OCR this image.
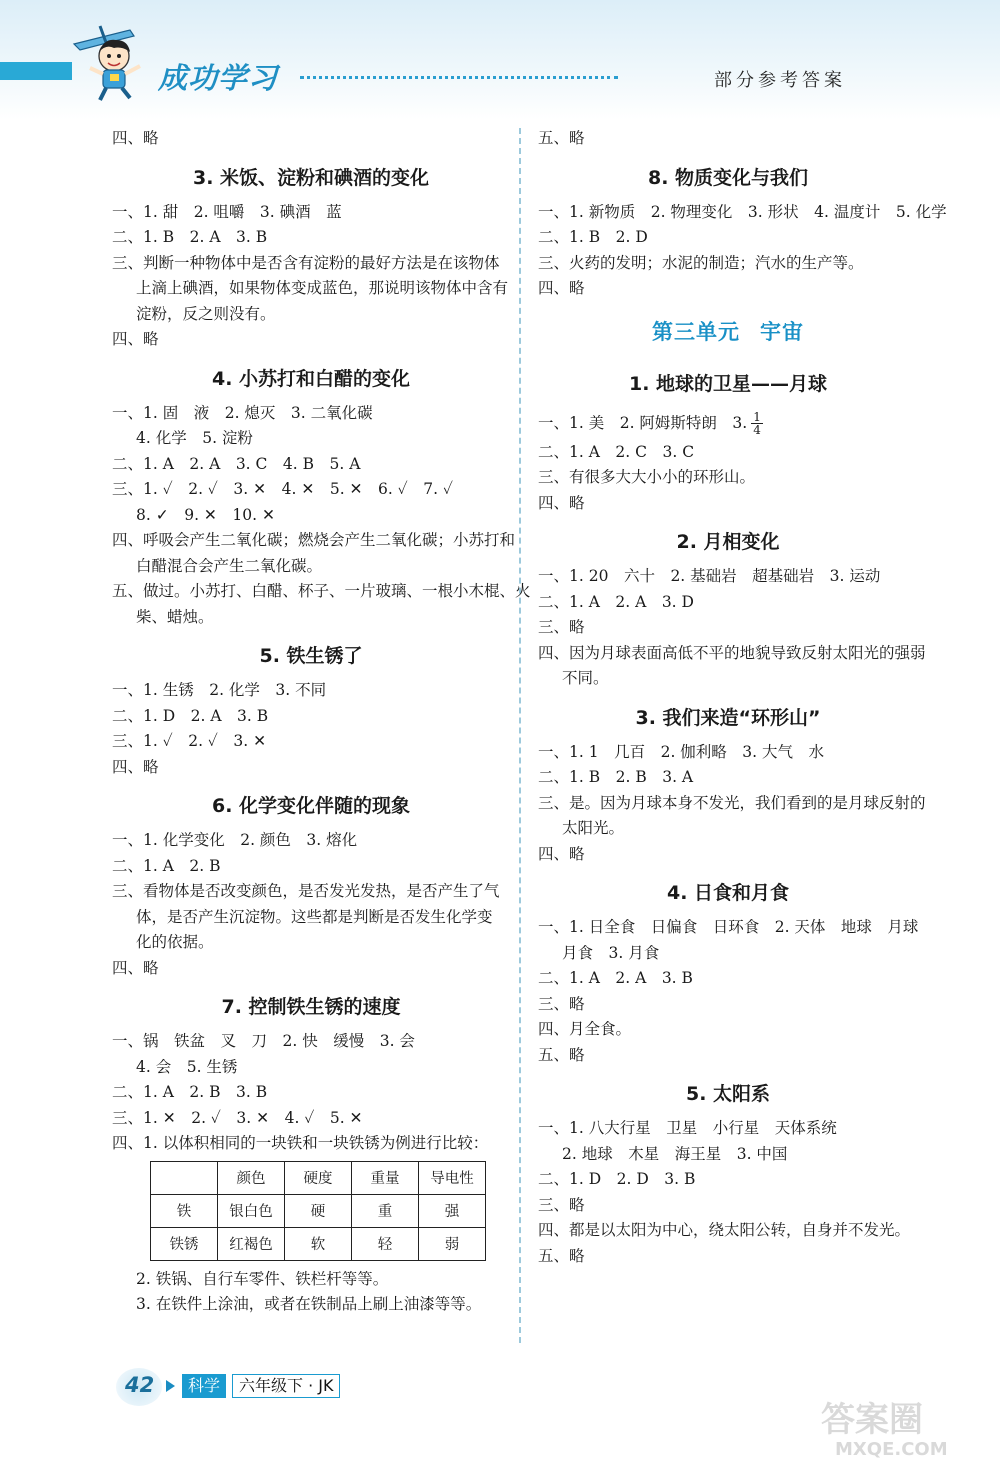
成功学习	部分参考答案
四、略
3. 米饭、淀粉和碘酒的变化
一、1. 甜　2. 咀嚼　3. 碘酒　蓝
二、1. B　2. A　3. B
三、判断一种物体中是否含有淀粉的最好方法是在该物体
上滴上碘酒，如果物体变成蓝色，那说明该物体中含有
淀粉，反之则没有。
四、略
4. 小苏打和白醋的变化
一、1. 固　液　2. 熄灭　3. 二氧化碳
4. 化学　5. 淀粉
二、1. A　2. A　3. C　4. B　5. A
三、1. ✓　2. ✓　3. ✕　4. ✕　5. ✕　6. ✓　7. ✓
8. ✓　9. ✕　10. ✕
四、呼吸会产生二氧化碳；燃烧会产生二氧化碳；小苏打和
白醋混合会产生二氧化碳。
五、做过。小苏打、白醋、杯子、一片玻璃、一根小木棍、火
柴、蜡烛。
5. 铁生锈了
一、1. 生锈　2. 化学　3. 不同
二、1. D　2. A　3. B
三、1. ✓　2. ✓　3. ✕
四、略
6. 化学变化伴随的现象
一、1. 化学变化　2. 颜色　3. 熔化
二、1. A　2. B
三、看物体是否改变颜色，是否发光发热，是否产生了气
体，是否产生沉淀物。这些都是判断是否发生化学变
化的依据。
四、略
7. 控制铁生锈的速度
一、锅　铁盆　叉　刀　2. 快　缓慢　3. 会
4. 会　5. 生锈
二、1. A　2. B　3. B
三、1. ✕　2. ✓　3. ✕　4. ✓　5. ✕
四、1. 以体积相同的一块铁和一块铁锈为例进行比较：
	颜色	硬度	重量	导电性
铁	银白色	硬	重	强
铁锈	红褐色	软	轻	弱
2. 铁锅、自行车零件、铁栏杆等等。
3. 在铁件上涂油，或者在铁制品上刷上油漆等等。
五、略
8. 物质变化与我们
一、1. 新物质　2. 物理变化　3. 形状　4. 温度计　5. 化学
二、1. B　2. D
三、火药的发明；水泥的制造；汽水的生产等。
四、略
第三单元 宇宙
1. 地球的卫星——月球
一、1. 美　2. 阿姆斯特朗　3. $\frac{1}{4}$
二、1. A　2. C　3. C
三、有很多大大小小的环形山。
四、略
2. 月相变化
一、1. 20　六十　2. 基础岩　超基础岩　3. 运动
二、1. A　2. A　3. D
三、略
四、因为月球表面高低不平的地貌导致反射太阳光的强弱
不同。
3. 我们来造“环形山”
一、1. 1　几百　2. 伽利略　3. 大气　水
二、1. B　2. B　3. A
三、是。因为月球本身不发光，我们看到的是月球反射的
太阳光。
四、略
4. 日食和月食
一、1. 日全食　日偏食　日环食　2. 天体　地球　月球
月食　3. 月食
二、1. A　2. A　3. B
三、略
四、月全食。
五、略
5. 太阳系
一、1. 八大行星　卫星　小行星　天体系统
2. 地球　木星　海王星　3. 中国
二、1. D　2. D　3. B
三、略
四、都是以太阳为中心，绕太阳公转，自身并不发光。
五、略
42	科学	六年级下 · JK
答案圈
MXQE.COM
